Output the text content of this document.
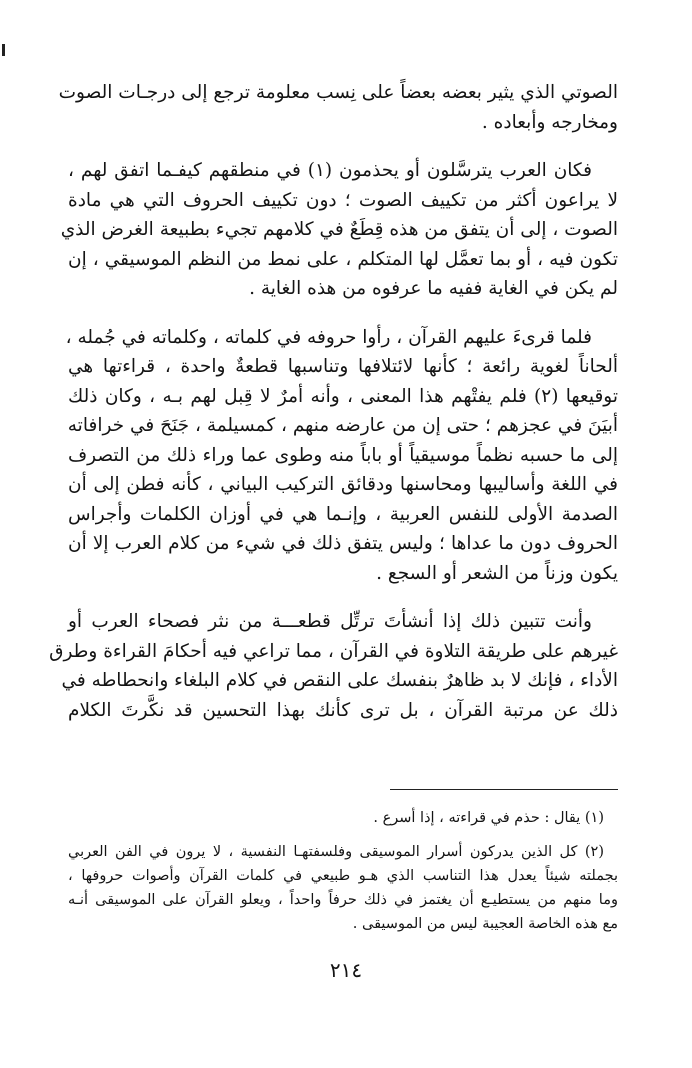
الصوتي الذي يثير بعضه بعضاً على نِسب معلومة ترجع إلى درجـات الصوت
ومخارجه وأبعاده .
فكان العرب يترسَّلون أو يحذمون (١) في منطقهم كيفـما اتفق لهم ،
لا يراعون أكثر من تكييف الصوت ؛ دون تكييف الحروف التي هي مادة
الصوت ، إلى أن يتفق من هذه قِطَعٌ في كلامهم تجيء بطبيعة الغرض الذي
تكون فيه ، أو بما تعمَّل لها المتكلم ، على نمط من النظم الموسيقي ، إن
لم يكن في الغاية ففيه ما عرفوه من هذه الغاية .
فلما قرىءَ عليهم القرآن ، رأوا حروفه في كلماته ، وكلماته في جُمله ،
ألحاناً لغوية رائعة ؛ كأنها لائتلافها وتناسبها قطعةٌ واحدة ، قراءتها هي
توقيعها (٢) فلم يفتْهم هذا المعنى ، وأنه أمرٌ لا قِبل لهم بـه ، وكان ذلك
أبيَنَ في عجزهم ؛ حتى إن من عارضه منهم ، كمسيلمة ، جَنَحَ في خرافاته
إلى ما حسبه نظماً موسيقياً أو باباً منه وطوى عما وراء ذلك من التصرف
في اللغة وأساليبها ومحاسنها ودقائق التركيب البياني ، كأنه فطن إلى أن
الصدمة الأولى للنفس العربية ، وإنـما هي في أوزان الكلمات وأجراس
الحروف دون ما عداها ؛ وليس يتفق ذلك في شيء من كلام العرب إلا أن
يكون وزناً من الشعر أو السجع .
وأنت تتبين ذلك إذا أنشأتَ ترتِّل قطعـــة من نثر فصحاء العرب أو
غيرهم على طريقة التلاوة في القرآن ، مما تراعي فيه أحكامَ القراءة وطرق
الأداء ، فإنك لا بد ظاهرٌ بنفسك على النقص في كلام البلغاء وانحطاطه في
ذلك عن مرتبة القرآن ، بل ترى كأنك بهذا التحسين قد نكَّرتَ الكلام
(١) يقال : حذم في قراءته ، إذا أسرع .
(٢) كل الذين يدركون أسرار الموسيقى وفلسفتهـا النفسية ، لا يرون في الفن العربي
بجملته شيئاً يعدل هذا التناسب الذي هـو طبيعي في كلمات القرآن وأصوات حروفها ،
وما منهم من يستطيـع أن يغتمز في ذلك حرفاً واحداً ، ويعلو القرآن على الموسيقى أنـه
مع هذه الخاصة العجيبة ليس من الموسيقى .
٢١٤
